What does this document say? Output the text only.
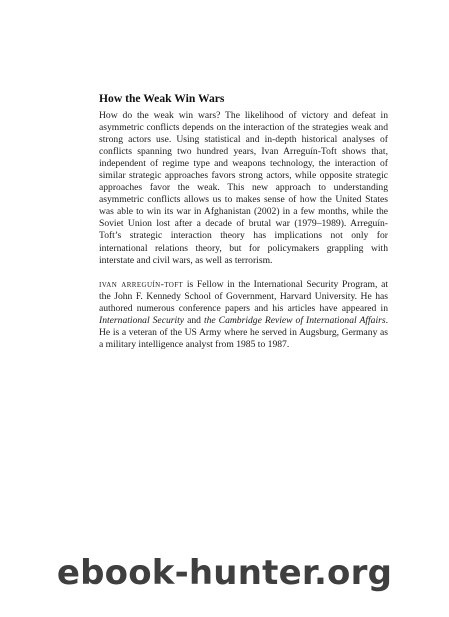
How the Weak Win Wars

How do the weak win wars? The likelihood of victory and defeat in asymmetric conflicts depends on the interaction of the strategies weak and strong actors use. Using statistical and in-depth historical analyses of conflicts spanning two hundred years, Ivan Arreguín-Toft shows that, independent of regime type and weapons technology, the interaction of similar strategic approaches favors strong actors, while opposite strategic approaches favor the weak. This new approach to understanding asymmetric conflicts allows us to makes sense of how the United States was able to win its war in Afghanistan (2002) in a few months, while the Soviet Union lost after a decade of brutal war (1979–1989). Arreguín-Toft’s strategic interaction theory has implications not only for international relations theory, but for policymakers grappling with interstate and civil wars, as well as terrorism.

ivan arreguín-toft is Fellow in the International Security Program, at the John F. Kennedy School of Government, Harvard University. He has authored numerous conference papers and his articles have appeared in International Security and the Cambridge Review of International Affairs. He is a veteran of the US Army where he served in Augsburg, Germany as a military intelligence analyst from 1985 to 1987.

ebook-hunter.org
